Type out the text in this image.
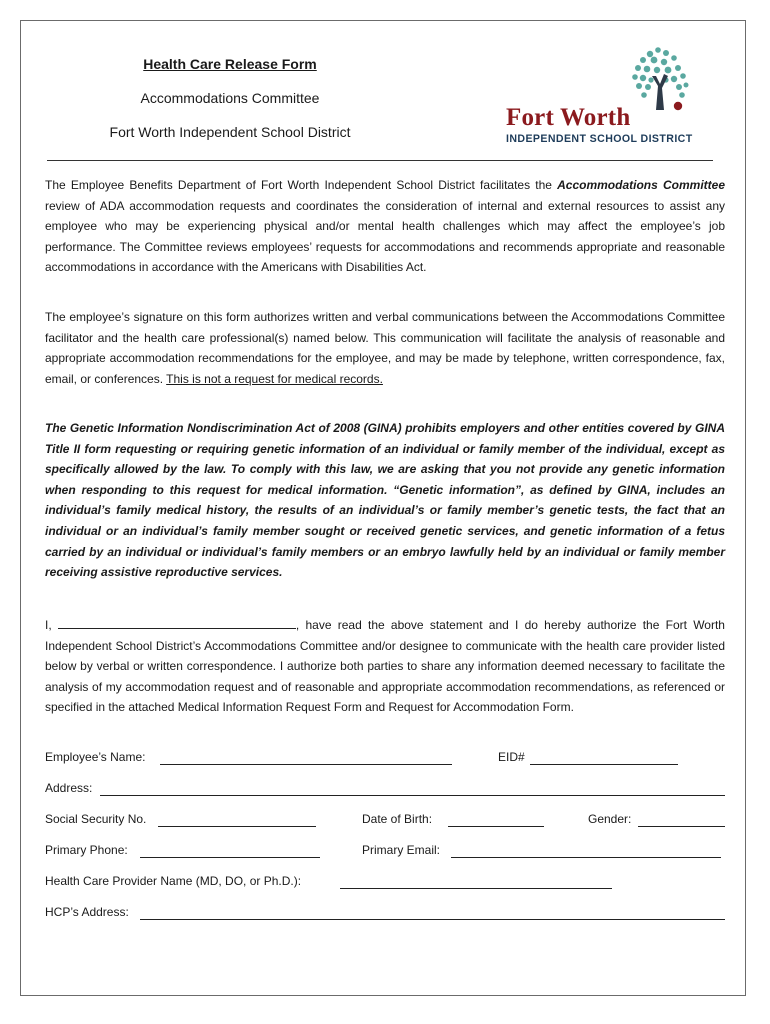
Health Care Release Form
Accommodations Committee
Fort Worth Independent School District
Fort Worth
INDEPENDENT SCHOOL DISTRICT

The Employee Benefits Department of Fort Worth Independent School District facilitates the Accommodations Committee review of ADA accommodation requests and coordinates the consideration of internal and external resources to assist any employee who may be experiencing physical and/or mental health challenges which may affect the employee’s job performance. The Committee reviews employees’ requests for accommodations and recommends appropriate and reasonable accommodations in accordance with the Americans with Disabilities Act.

The employee’s signature on this form authorizes written and verbal communications between the Accommodations Committee facilitator and the health care professional(s) named below. This communication will facilitate the analysis of reasonable and appropriate accommodation recommendations for the employee, and may be made by telephone, written correspondence, fax, email, or conferences. This is not a request for medical records.

The Genetic Information Nondiscrimination Act of 2008 (GINA) prohibits employers and other entities covered by GINA Title II form requesting or requiring genetic information of an individual or family member of the individual, except as specifically allowed by the law. To comply with this law, we are asking that you not provide any genetic information when responding to this request for medical information. “Genetic information”, as defined by GINA, includes an individual’s family medical history, the results of an individual’s or family member’s genetic tests, the fact that an individual or an individual’s family member sought or received genetic services, and genetic information of a fetus carried by an individual or individual’s family members or an embryo lawfully held by an individual or family member receiving assistive reproductive services.

I,	, have read the above statement and I do hereby authorize the Fort Worth Independent School District’s Accommodations Committee and/or designee to communicate with the health care provider listed below by verbal or written correspondence. I authorize both parties to share any information deemed necessary to facilitate the analysis of my accommodation request and of reasonable and appropriate accommodation recommendations, as referenced or specified in the attached Medical Information Request Form and Request for Accommodation Form.

Employee’s Name:	EID#
Address:
Social Security No.	Date of Birth:	Gender:
Primary Phone:	Primary Email:
Health Care Provider Name (MD, DO, or Ph.D.):
HCP’s Address:
